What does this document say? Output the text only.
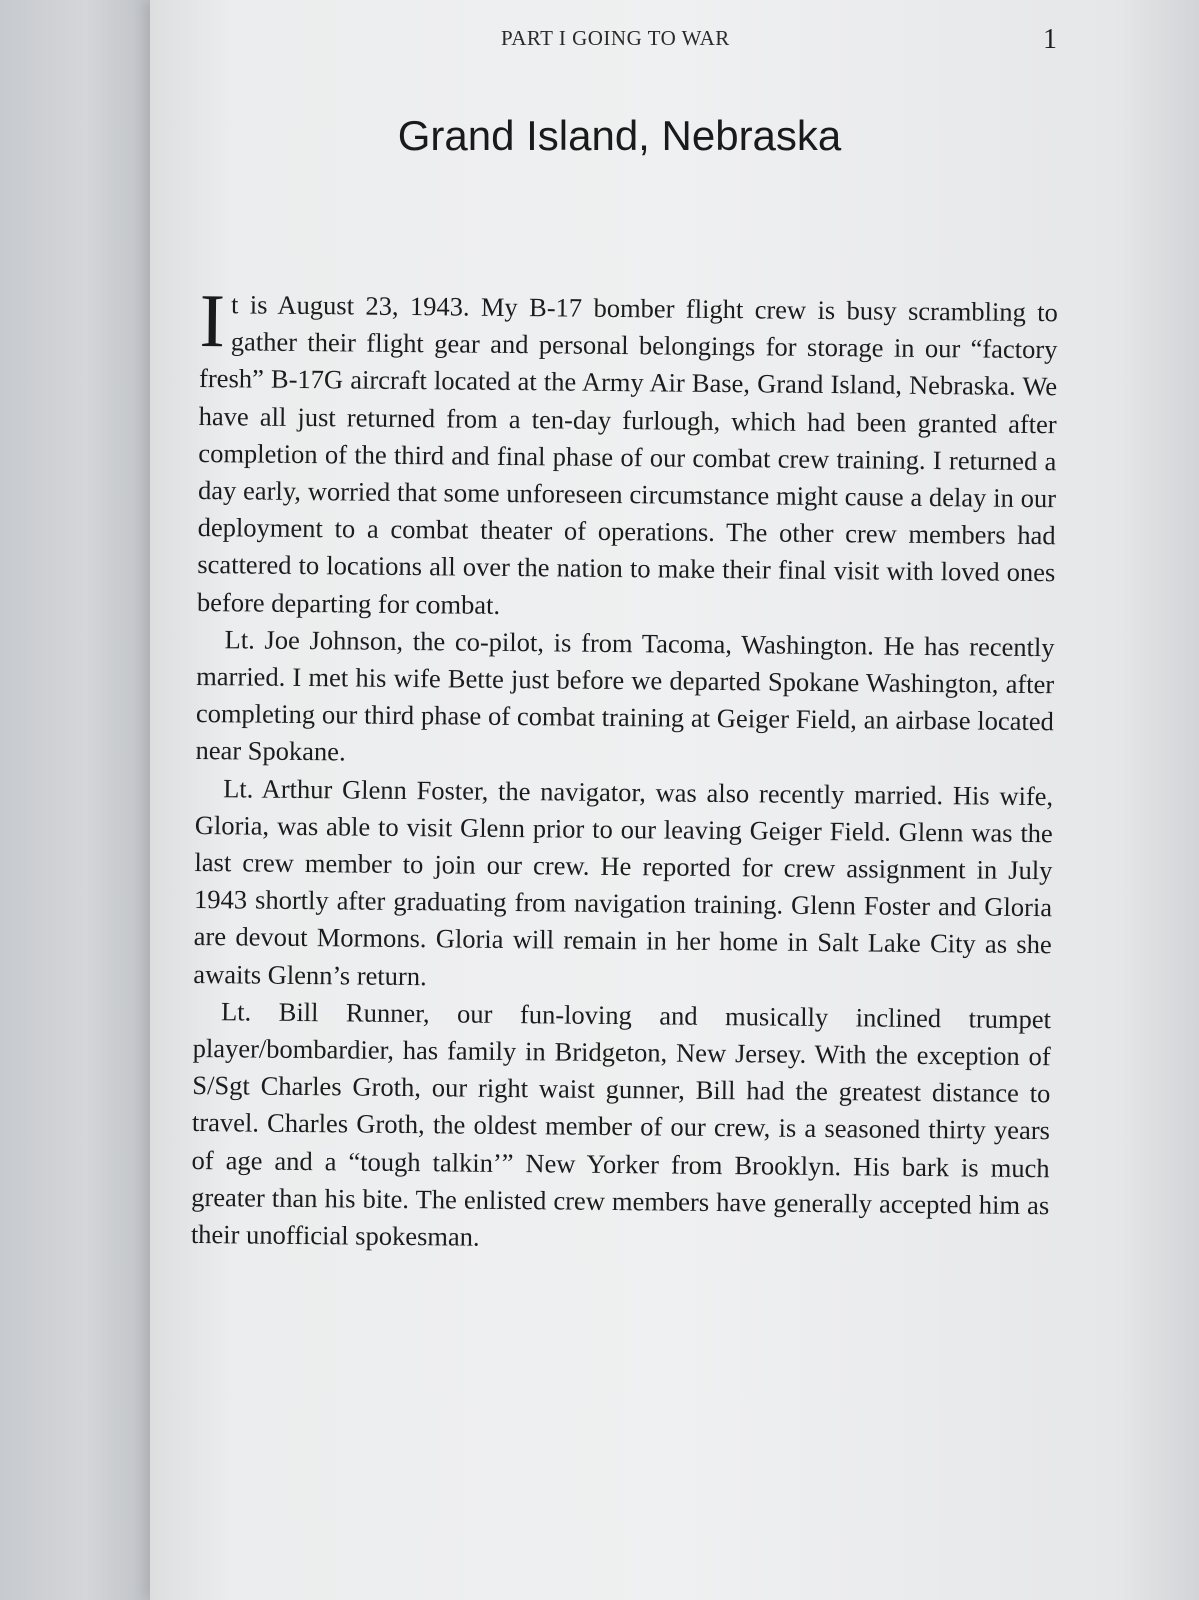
PART I GOING TO WAR	1
Grand Island, Nebraska

It is August 23, 1943. My B-17 bomber flight crew is busy scrambling to gather their flight gear and personal belongings for storage in our “factory fresh” B-17G aircraft located at the Army Air Base, Grand Island, Nebraska. We have all just returned from a ten-day furlough, which had been granted after completion of the third and final phase of our combat crew training. I returned a day early, worried that some unforeseen circumstance might cause a delay in our deployment to a combat theater of operations. The other crew members had scattered to locations all over the nation to make their final visit with loved ones before departing for combat.

Lt. Joe Johnson, the co-pilot, is from Tacoma, Washington. He has recently married. I met his wife Bette just before we departed Spokane Washington, after completing our third phase of combat training at Geiger Field, an airbase located near Spokane.

Lt. Arthur Glenn Foster, the navigator, was also recently married. His wife, Gloria, was able to visit Glenn prior to our leaving Geiger Field. Glenn was the last crew member to join our crew. He reported for crew assignment in July 1943 shortly after graduating from navigation training. Glenn Foster and Gloria are devout Mormons. Gloria will remain in her home in Salt Lake City as she awaits Glenn’s return.

Lt. Bill Runner, our fun-loving and musically inclined trumpet player/bombardier, has family in Bridgeton, New Jersey. With the exception of S/Sgt Charles Groth, our right waist gunner, Bill had the greatest distance to travel. Charles Groth, the oldest member of our crew, is a seasoned thirty years of age and a “tough talkin’” New Yorker from Brooklyn. His bark is much greater than his bite. The enlisted crew members have generally accepted him as their unofficial spokesman.
